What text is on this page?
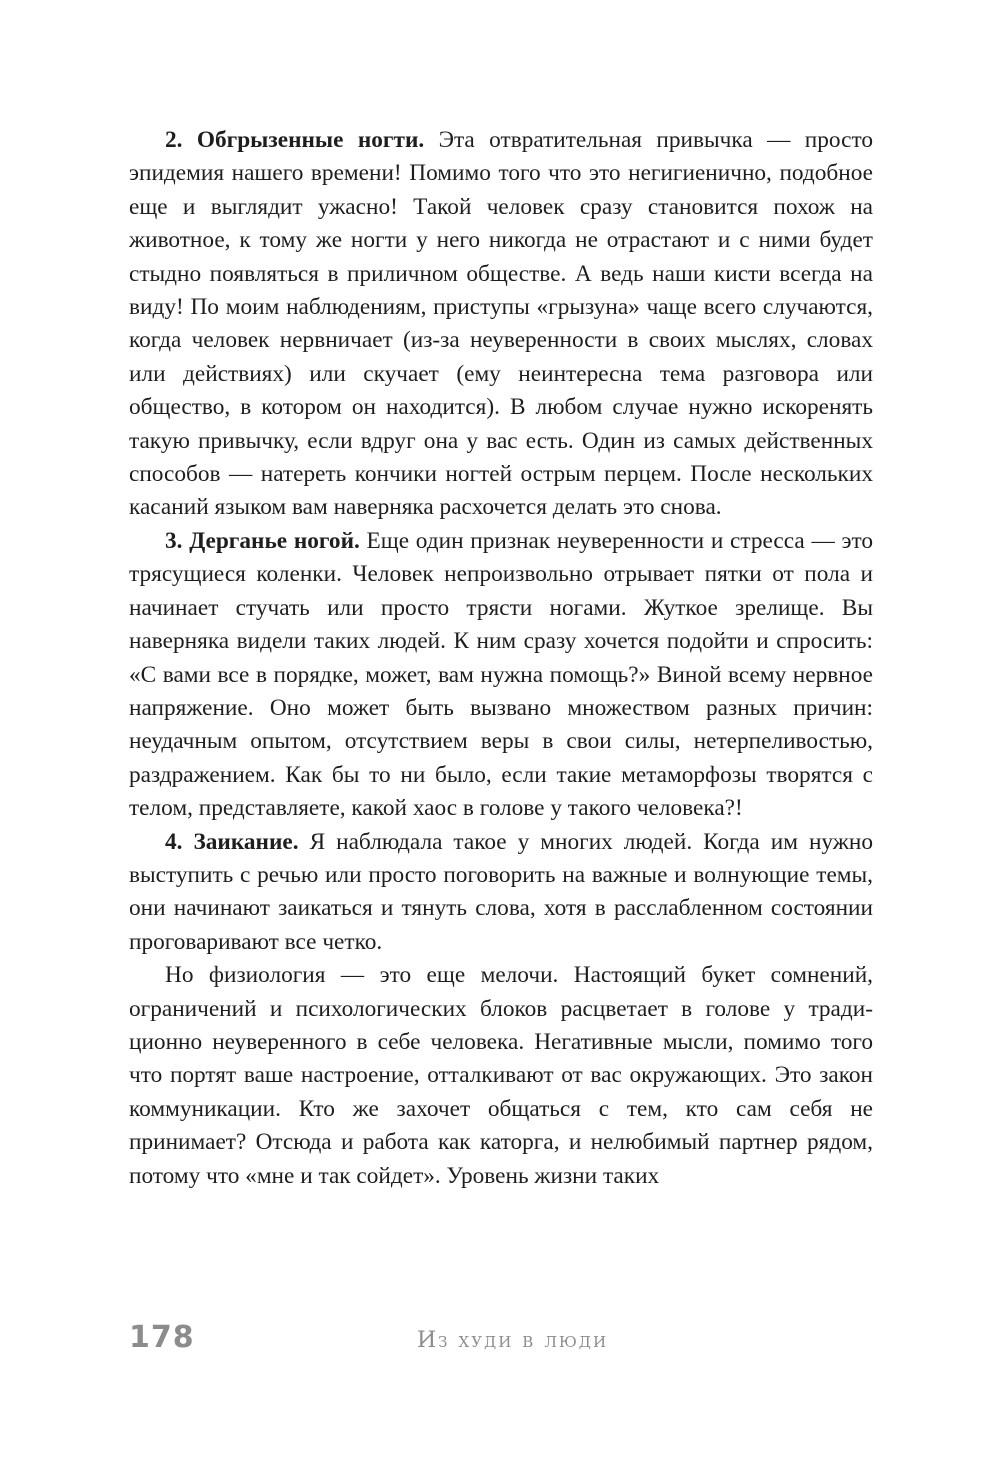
2. Обгрызенные ногти. Эта отвратительная привычка — просто эпидемия нашего времени! Помимо того что это негигиенично, подобное еще и выглядит ужасно! Такой человек сразу становится похож на животное, к тому же ногти у него никогда не отрастают и с ними будет стыдно появляться в приличном обществе. А ведь наши кисти всегда на виду! По моим наблюдениям, приступы «грызуна» чаще всего случаются, когда человек нервничает (из-за неуверенности в своих мыслях, словах или действиях) или скучает (ему неинтересна тема разговора или общество, в котором он находится). В любом случае нужно искоренять такую привычку, если вдруг она у вас есть. Один из самых действенных способов — натереть кончики ногтей острым перцем. После нескольких касаний языком вам наверняка расхочется делать это снова.

3. Дерганье ногой. Еще один признак неуверенности и стресса — это трясущиеся коленки. Человек непроизвольно отрывает пятки от пола и начинает стучать или просто трясти ногами. Жуткое зрелище. Вы наверняка видели таких людей. К ним сразу хочется подойти и спросить: «С вами все в порядке, может, вам нужна помощь?» Виной всему нервное напряжение. Оно может быть вызвано множеством разных причин: неудачным опытом, отсутствием веры в свои силы, нетерпеливостью, раздражением. Как бы то ни было, если такие метаморфозы творятся с телом, представляете, какой хаос в голове у такого человека?!

4. Заикание. Я наблюдала такое у многих людей. Когда им нужно выступить с речью или просто поговорить на важные и волнующие темы, они начинают заикаться и тянуть слова, хотя в расслабленном состоянии проговаривают все четко.

Но физиология — это еще мелочи. Настоящий букет сомнений, ограничений и психологических блоков расцветает в голове у традиционно неуверенного в себе человека. Негативные мысли, помимо того что портят ваше настроение, отталкивают от вас окружающих. Это закон коммуникации. Кто же захочет общаться с тем, кто сам себя не принимает? Отсюда и работа как каторга, и нелюбимый партнер рядом, потому что «мне и так сойдет». Уровень жизни таких

178	Из худи в люди
